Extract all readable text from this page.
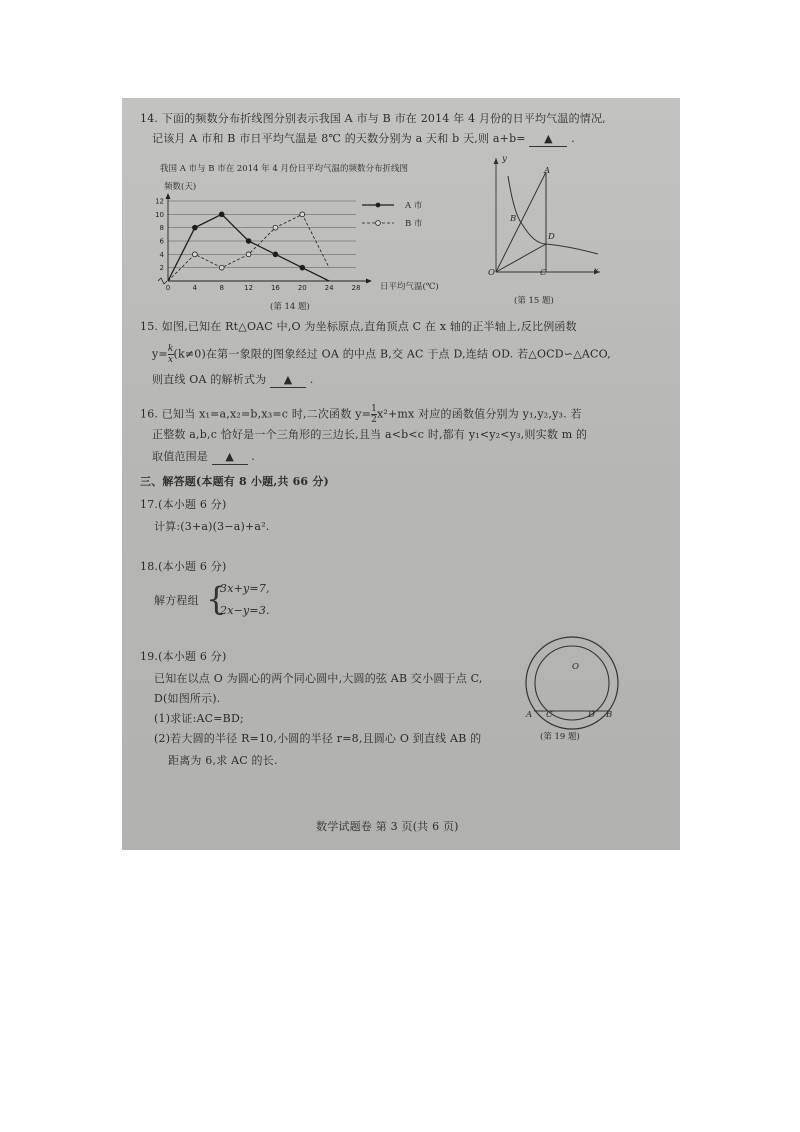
14. 下面的频数分布折线图分别表示我国 A 市与 B 市在 2014 年 4 月份的日平均气温的情况,
记该月 A 市和 B 市日平均气温是 8℃ 的天数分别为 a 天和 b 天,则 a+b= ▲ .
我国 A 市与 B 市在 2014 年 4 月份日平均气温的频数分布折线图
频数(天)
2
4
6
8
10
12
0	4	8	12	16	20	24	28 日平均气温(℃)
A 市
B 市
(第 14 题)
y
x
O
A
B
C
D
(第 15 题)
15. 如图,已知在 Rt△OAC 中,O 为坐标原点,直角顶点 C 在 x 轴的正半轴上,反比例函数
$y= \frac{k}{x} (k\ne 0)$在第一象限的图象经过 OA 的中点 B,交 AC 于点 D,连结 OD. 若△OCD∽△ACO,
则直线 OA 的解析式为 ▲ .
16. 已知当 x₁=a,x₂=b,x₃=c 时,二次函数 $y= \frac{1}{2} x^2+mx$ 对应的函数值分别为 y₁,y₂,y₃. 若
正整数 a,b,c 恰好是一个三角形的三边长,且当 a<b<c 时,都有 y₁<y₂<y₃,则实数 m 的
取值范围是 ▲ .
三、解答题(本题有 8 小题,共 66 分)
17.(本小题 6 分)
计算:(3+a)(3−a)+a².
18.(本小题 6 分)
解方程组 {
3x+y=7,
2x−y=3.
19.(本小题 6 分)
已知在以点 O 为圆心的两个同心圆中,大圆的弦 AB 交小圆于点 C,
D(如图所示).
(1)求证:AC=BD;
(2)若大圆的半径 R=10,小圆的半径 r=8,且圆心 O 到直线 AB 的
距离为 6,求 AC 的长.
O
A C	D B
(第 19 题)
数学试题卷 第 3 页(共 6 页)
